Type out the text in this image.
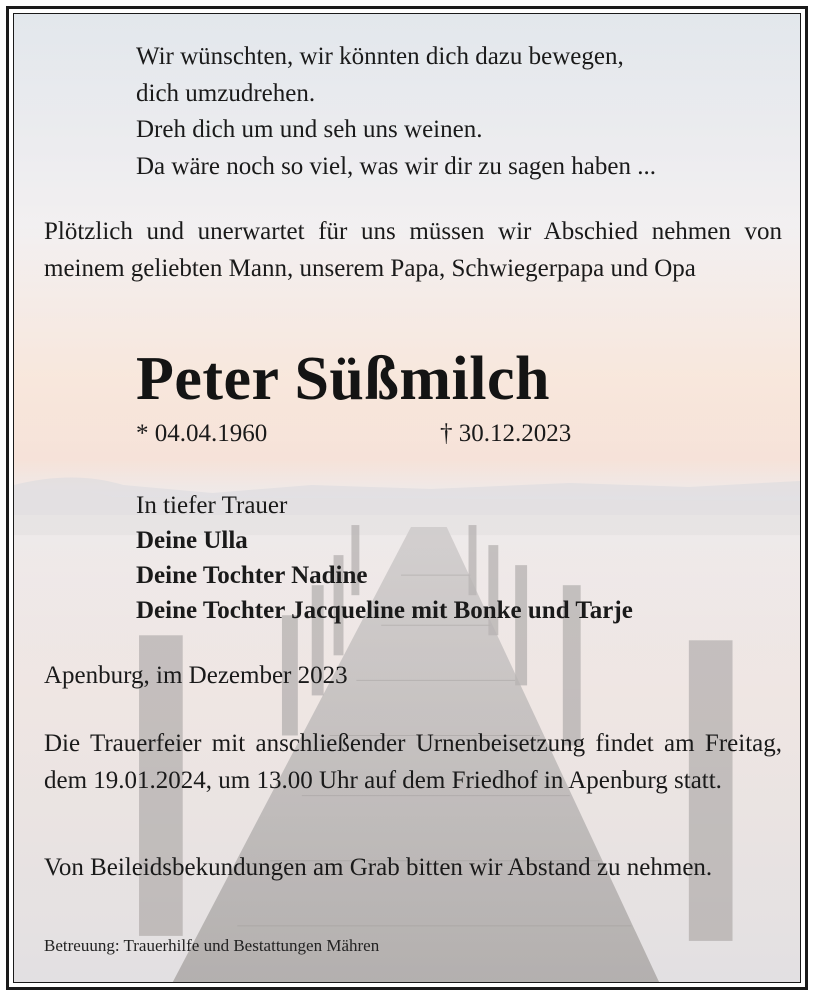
Wir wünschten, wir könnten dich dazu bewegen,
dich umzudrehen.
Dreh dich um und seh uns weinen.
Da wäre noch so viel, was wir dir zu sagen haben ...
Plötzlich und unerwartet für uns müssen wir Abschied nehmen von meinem geliebten Mann, unserem Papa, Schwiegerpapa und Opa
Peter Süßmilch
* 04.04.1960	† 30.12.2023
In tiefer Trauer
Deine Ulla
Deine Tochter Nadine
Deine Tochter Jacqueline mit Bonke und Tarje
Apenburg, im Dezember 2023
Die Trauerfeier mit anschließender Urnenbeisetzung findet am Freitag, dem 19.01.2024, um 13.00 Uhr auf dem Friedhof in Apenburg statt.
Von Beileidsbekundungen am Grab bitten wir Abstand zu nehmen.
Betreuung: Trauerhilfe und Bestattungen Mähren
